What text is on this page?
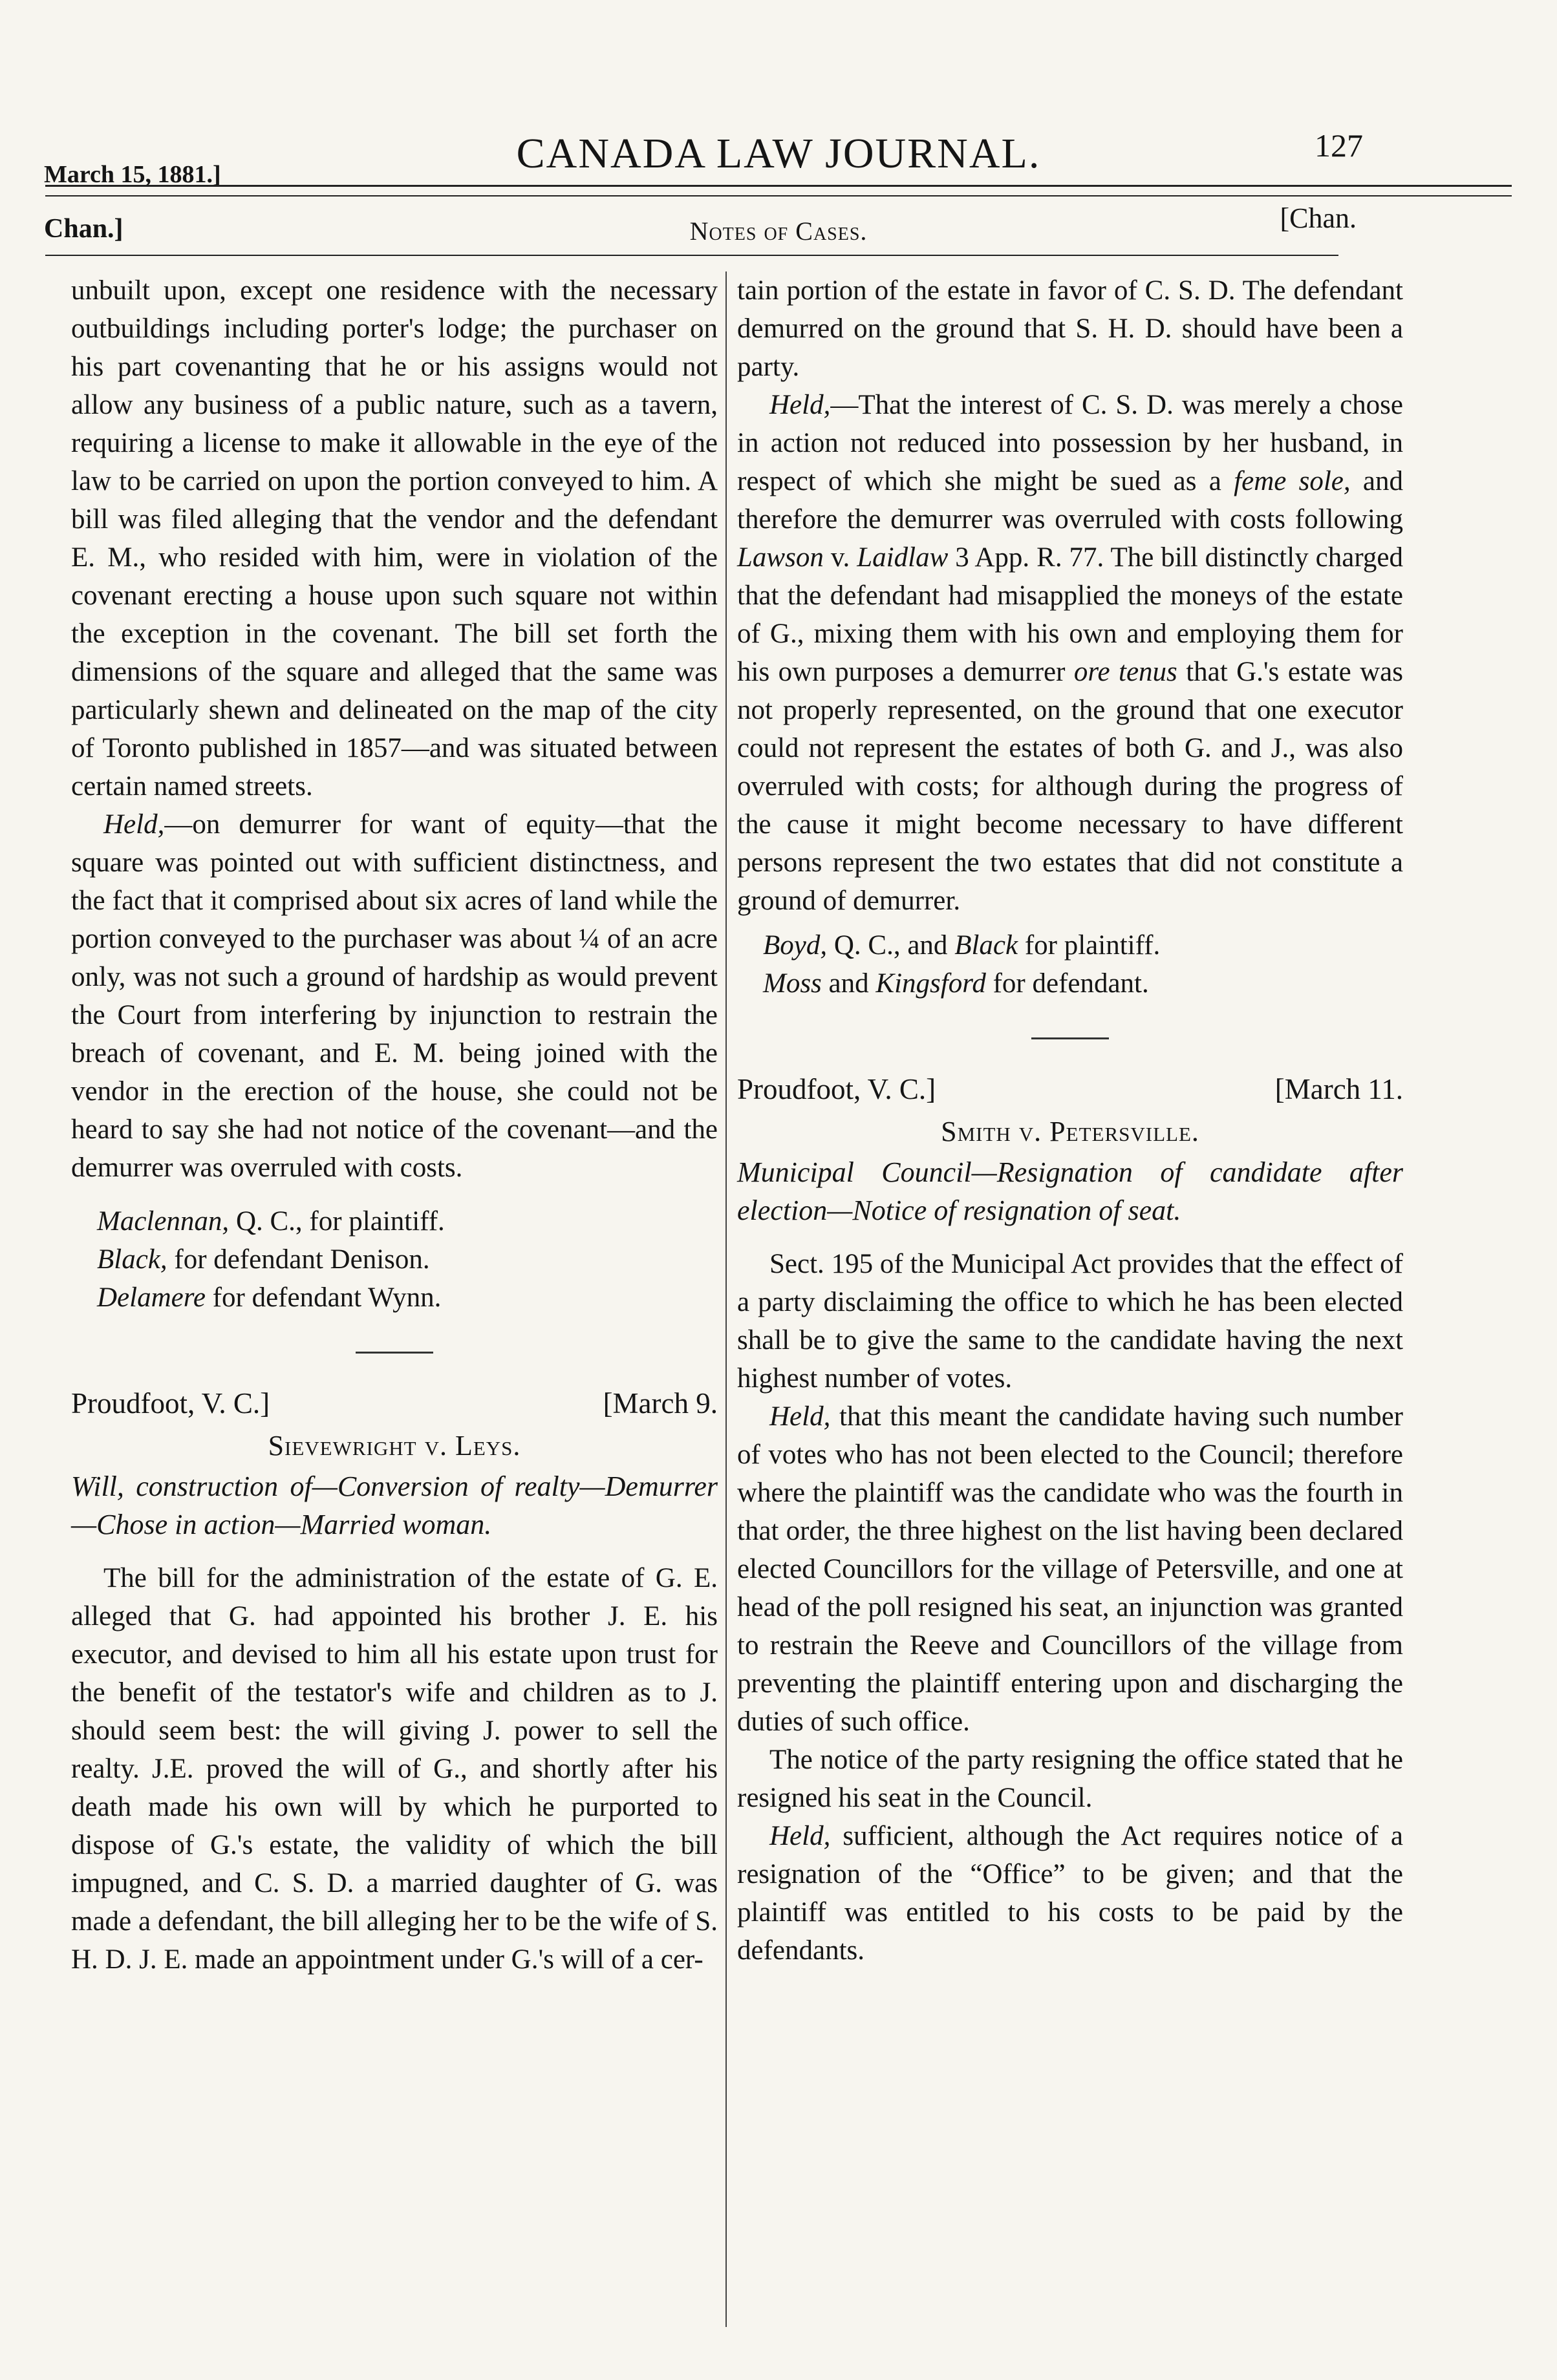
March 15, 1881.]	CANADA LAW JOURNAL.	127
Chan.]	Notes of Cases.	[Chan.

unbuilt upon, except one residence with the necessary outbuildings including porter's lodge; the purchaser on his part covenanting that he or his assigns would not allow any business of a public nature, such as a tavern, requiring a license to make it allowable in the eye of the law to be carried on upon the portion conveyed to him. A bill was filed alleging that the vendor and the defendant E. M., who resided with him, were in violation of the covenant erecting a house upon such square not within the exception in the covenant. The bill set forth the dimensions of the square and alleged that the same was particularly shewn and delineated on the map of the city of Toronto published in 1857—and was situated between certain named streets.

Held,—on demurrer for want of equity—that the square was pointed out with sufficient distinctness, and the fact that it comprised about six acres of land while the portion conveyed to the purchaser was about ¼ of an acre only, was not such a ground of hardship as would prevent the Court from interfering by injunction to restrain the breach of covenant, and E. M. being joined with the vendor in the erection of the house, she could not be heard to say she had not notice of the covenant—and the demurrer was overruled with costs.

Maclennan, Q. C., for plaintiff.

Black, for defendant Denison.

Delamere for defendant Wynn.

Proudfoot, V. C.]	[March 9.
Sievewright v. Leys.
Will, construction of—Conversion of realty—Demurrer—Chose in action—Married woman.

The bill for the administration of the estate of G. E. alleged that G. had appointed his brother J. E. his executor, and devised to him all his estate upon trust for the benefit of the testator's wife and children as to J. should seem best: the will giving J. power to sell the realty. J.E. proved the will of G., and shortly after his death made his own will by which he purported to dispose of G.'s estate, the validity of which the bill impugned, and C. S. D. a married daughter of G. was made a defendant, the bill alleging her to be the wife of S. H. D. J. E. made an appointment under G.'s will of a cer-

tain portion of the estate in favor of C. S. D. The defendant demurred on the ground that S. H. D. should have been a party.

Held,—That the interest of C. S. D. was merely a chose in action not reduced into possession by her husband, in respect of which she might be sued as a feme sole, and therefore the demurrer was overruled with costs following Lawson v. Laidlaw 3 App. R. 77. The bill distinctly charged that the defendant had misapplied the moneys of the estate of G., mixing them with his own and employing them for his own purposes a demurrer ore tenus that G.'s estate was not properly represented, on the ground that one executor could not represent the estates of both G. and J., was also overruled with costs; for although during the progress of the cause it might become necessary to have different persons represent the two estates that did not constitute a ground of demurrer.

Boyd, Q. C., and Black for plaintiff.

Moss and Kingsford for defendant.

Proudfoot, V. C.]	[March 11.
Smith v. Petersville.
Municipal Council—Resignation of candidate after election—Notice of resignation of seat.

Sect. 195 of the Municipal Act provides that the effect of a party disclaiming the office to which he has been elected shall be to give the same to the candidate having the next highest number of votes.

Held, that this meant the candidate having such number of votes who has not been elected to the Council; therefore where the plaintiff was the candidate who was the fourth in that order, the three highest on the list having been declared elected Councillors for the village of Petersville, and one at head of the poll resigned his seat, an injunction was granted to restrain the Reeve and Councillors of the village from preventing the plaintiff entering upon and discharging the duties of such office.

The notice of the party resigning the office stated that he resigned his seat in the Council.

Held, sufficient, although the Act requires notice of a resignation of the “Office” to be given; and that the plaintiff was entitled to his costs to be paid by the defendants.
